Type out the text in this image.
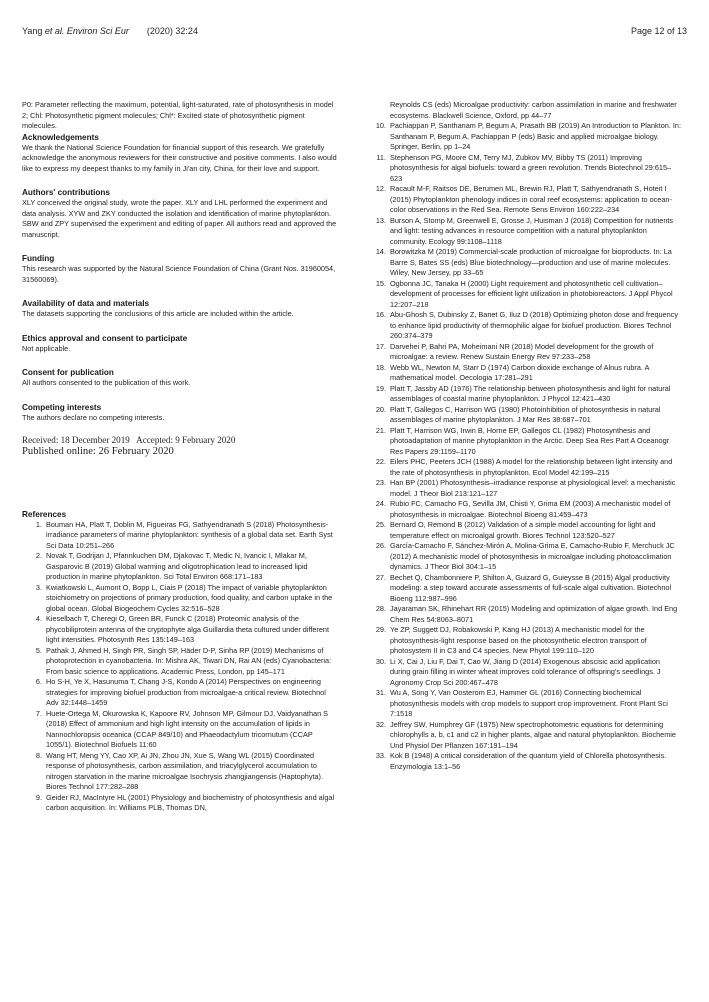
Yang et al. Environ Sci Eur (2020) 32:24	Page 12 of 13

P0: Parameter reflecting the maximum, potential, light-saturated, rate of photosynthesis in model 2; Chl: Photosynthetic pigment molecules; Chl*: Excited state of photosynthetic pigment molecules.

Acknowledgements

We thank the National Science Foundation for financial support of this research. We gratefully acknowledge the anonymous reviewers for their constructive and positive comments. I also would like to express my deepest thanks to my family in Ji'an city, China, for their love and support.

Authors' contributions

XLY conceived the original study, wrote the paper. XLY and LHL performed the experiment and data analysis. XYW and ZKY conducted the isolation and identification of marine phytoplankton. SBW and ZPY supervised the experiment and editing of paper. All authors read and approved the manuscript.

Funding

This research was supported by the Natural Science Foundation of China (Grant Nos. 31960054, 31560069).

Availability of data and materials

The datasets supporting the conclusions of this article are included within the article.

Ethics approval and consent to participate

Not applicable.

Consent for publication

All authors consented to the publication of this work.

Competing interests

The authors declare no competing interests.

Received: 18 December 2019   Accepted: 9 February 2020
Published online: 26 February 2020
References
1. Bouman HA, Platt T, Doblin M, Figueiras FG, Sathyendranath S (2018) Photosynthesis-irradiance parameters of marine phytoplankton: synthesis of a global data set. Earth Syst Sci Data 10:251–266
2. Novak T, Godrijan J, Pfannkuchen DM, Djakovac T, Medic N, Ivancic I, Mlakar M, Gasparovic B (2019) Global warming and oligotrophication lead to increased lipid production in marine phytoplankton. Sci Total Environ 668:171–183
3. Kwiatkowski L, Aumont O, Bopp L, Ciais P (2018) The impact of variable phytoplankton stoichiometry on projections of primary production, food quality, and carbon uptake in the global ocean. Global Biogeochem Cycles 32:516–528
4. Kieselbach T, Cheregi O, Green BR, Funck C (2018) Proteomic analysis of the phycobiliprotein antenna of the cryptophyte alga Guillardia theta cultured under different light intensities. Photosynth Res 135:149–163
5. Pathak J, Ahmed H, Singh PR, Singh SP, Häder D-P, Sinha RP (2019) Mechanisms of photoprotection in cyanobacteria. In: Mishra AK, Tiwari DN, Rai AN (eds) Cyanobacteria: From basic science to applications. Academic Press, London, pp 145–171
6. Ho S-H, Ye X, Hasunuma T, Chang J-S, Kondo A (2014) Perspectives on engineering strategies for improving biofuel production from microalgae-a critical review. Biotechnol Adv 32:1448–1459
7. Huete-Ortega M, Okurowska K, Kapoore RV, Johnson MP, Gilmour DJ, Vaidyanathan S (2018) Effect of ammonium and high light intensity on the accumulation of lipids in Nannochloropsis oceanica (CCAP 849/10) and Phaeodactylum tricornutum (CCAP 1055/1). Biotechnol Biofuels 11:60
8. Wang HT, Meng YY, Cao XP, Ai JN, Zhou JN, Xue S, Wang WL (2015) Coordinated response of photosynthesis, carbon assimilation, and triacylglycerol accumulation to nitrogen starvation in the marine microalgae Isochrysis zhangjiangensis (Haptophyta). Biores Technol 177:282–288
9. Geider RJ, MacIntyre HL (2001) Physiology and biochemistry of photosynthesis and algal carbon acquisition. In: Williams PLB, Thomas DN,

Reynolds CS (eds) Microalgae productivity: carbon assimilation in marine and freshwater ecosystems. Blackwell Science, Oxford, pp 44–77

10. Pachiappan P, Santhanam P, Begum A, Prasath BB (2019) An Introduction to Plankton. In: Santhanam P, Begum A, Pachiappan P (eds) Basic and applied microalgae biology. Springer, Berlin, pp 1–24
11. Stephenson PG, Moore CM, Terry MJ, Zubkov MV, Bibby TS (2011) Improving photosynthesis for algal biofuels: toward a green revolution. Trends Biotechnol 29:615–623
12. Racault M-F, Raitsos DE, Berumen ML, Brewin RJ, Platt T, Sathyendranath S, Hoteit I (2015) Phytoplankton phenology indices in coral reef ecosystems: application to ocean-color observations in the Red Sea. Remote Sens Environ 160:222–234
13. Burson A, Stomp M, Greenwell E, Grosse J, Huisman J (2018) Competition for nutrients and light: testing advances in resource competition with a natural phytoplankton community. Ecology 99:1108–1118
14. Borowitzka M (2019) Commercial-scale production of microalgae for bioproducts. In: La Barre S, Bates SS (eds) Blue biotechnology—production and use of marine molecules. Wiley, New Jersey, pp 33–65
15. Ogbonna JC, Tanaka H (2000) Light requirement and photosynthetic cell cultivation–development of processes for efficient light utilization in photobioreactors. J Appl Phycol 12:207–218
16. Abu-Ghosh S, Dubinsky Z, Banet G, Iluz D (2018) Optimizing photon dose and frequency to enhance lipid productivity of thermophilic algae for biofuel production. Biores Technol 260:374–379
17. Darvehei P, Bahri PA, Moheimani NR (2018) Model development for the growth of microalgae: a review. Renew Sustain Energy Rev 97:233–258
18. Webb WL, Newton M, Starr D (1974) Carbon dioxide exchange of Alnus rubra. A mathematical model. Oecologia 17:281–291
19. Platt T, Jassby AD (1976) The relationship between photosynthesis and light for natural assemblages of coastal marine phytoplankton. J Phycol 12:421–430
20. Platt T, Gallegos C, Harrison WG (1980) Photoinhibition of photosynthesis in natural assemblages of marine phytoplankton. J Mar Res 38:687–701
21. Platt T, Harrison WG, Irwin B, Horne EP, Gallegos CL (1982) Photosynthesis and photoadaptation of marine phytoplankton in the Arctic. Deep Sea Res Part A Oceanogr Res Papers 29:1159–1170
22. Eilers PHC, Peeters JCH (1988) A model for the relationship between light intensity and the rate of photosynthesis in phytoplankton. Ecol Model 42:199–215
23. Han BP (2001) Photosynthesis–irradiance response at physiological level: a mechanistic model. J Theor Biol 213:121–127
24. Rubio FC, Camacho FG, Sevilla JM, Chisti Y, Grima EM (2003) A mechanistic model of photosynthesis in microalgae. Biotechnol Bioeng 81:459–473
25. Bernard O, Remond B (2012) Validation of a simple model accounting for light and temperature effect on microalgal growth. Biores Technol 123:520–527
26. García-Camacho F, Sánchez-Mirón A, Molina-Grima E, Camacho-Rubio F, Merchuck JC (2012) A mechanistic model of photosynthesis in microalgae including photoacclimation dynamics. J Theor Biol 304:1–15
27. Bechet Q, Chambonniere P, Shilton A, Guizard G, Guieysse B (2015) Algal productivity modeling: a step toward accurate assessments of full-scale algal cultivation. Biotechnol Bioeng 112:987–996
28. Jayaraman SK, Rhinehart RR (2015) Modeling and optimization of algae growth. Ind Eng Chem Res 54:8063–8071
29. Ye ZP, Suggett DJ, Robakowski P, Kang HJ (2013) A mechanistic model for the photosynthesis-light response based on the photosynthetic electron transport of photosystem II in C3 and C4 species. New Phytol 199:110–120
30. Li X, Cai J, Liu F, Dai T, Cao W, Jiang D (2014) Exogenous abscisic acid application during grain filling in winter wheat improves cold tolerance of offspring's seedlings. J Agronomy Crop Sci 200:467–478
31. Wu A, Song Y, Van Oosterom EJ, Hammer GL (2016) Connecting biochemical photosynthesis models with crop models to support crop improvement. Front Plant Sci 7:1518
32. Jeffrey SW, Humphrey GF (1975) New spectrophotometric equations for determining chlorophylls a, b, c1 and c2 in higher plants, algae and natural phytoplankton. Biochemie Und Physiol Der Pflanzen 167:191–194
33. Kok B (1948) A critical consideration of the quantum yield of Chlorella photosynthesis. Enzymologia 13:1–56
